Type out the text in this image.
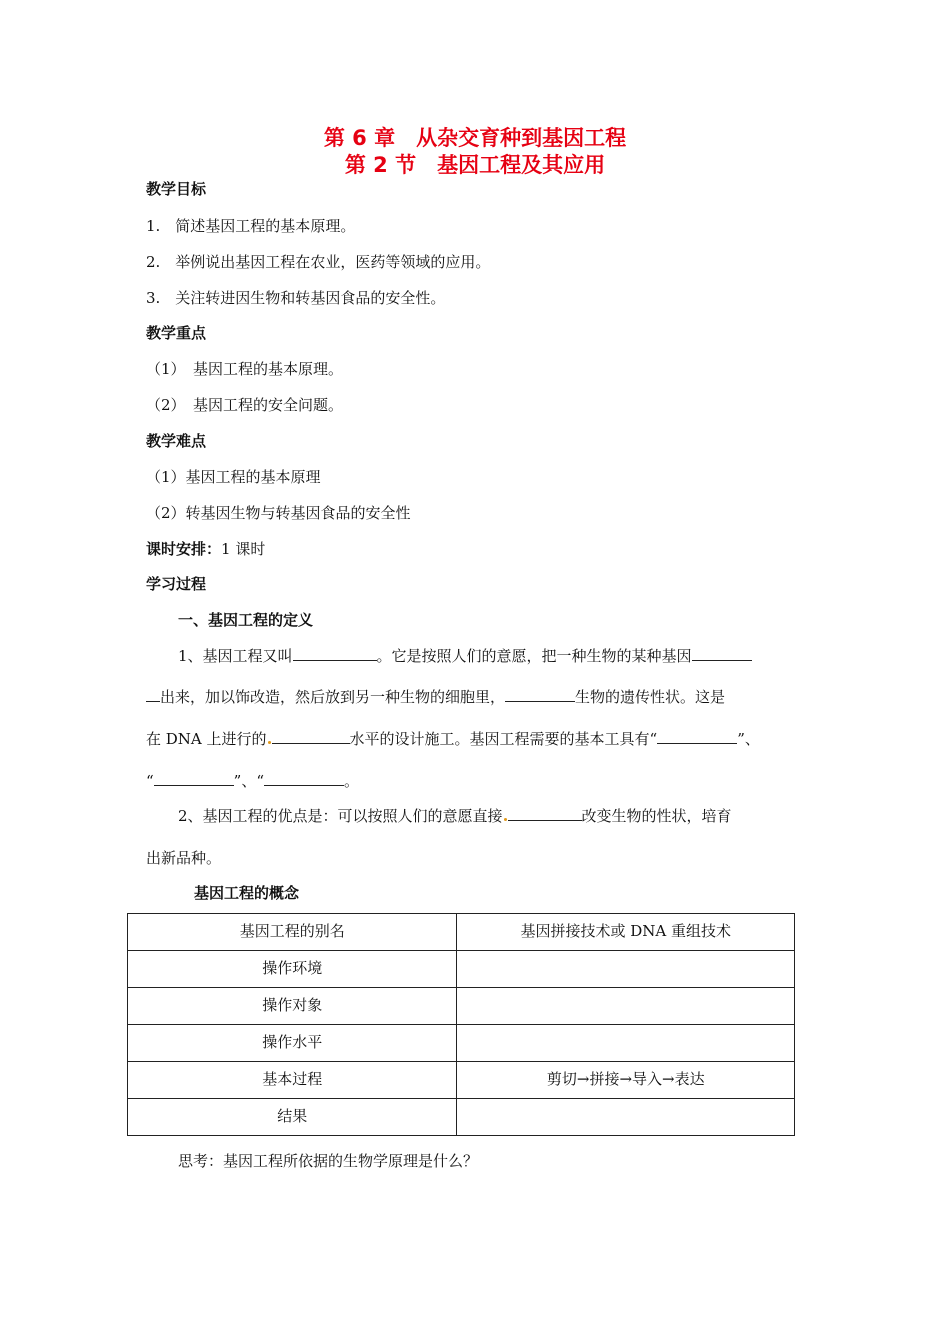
第 6 章　从杂交育种到基因工程
第 2 节　基因工程及其应用
教学目标
1.　简述基因工程的基本原理。
2.　举例说出基因工程在农业，医药等领域的应用。
3.　关注转进因生物和转基因食品的安全性。
教学重点
（1）　基因工程的基本原理。
（2）　基因工程的安全问题。
教学难点
（1）基因工程的基本原理
（2）转基因生物与转基因食品的安全性
课时安排：1 课时
学习过程
一、基因工程的定义
1、基因工程又叫	。它是按照人们的意愿，把一种生物的某种基因
出来，加以饰改造，然后放到另一种生物的细胞里，	生物的遗传性状。这是
在 DNA 上进行的	水平的设计施工。基因工程需要的基本工具有“	”、
“	”、“	。
2、基因工程的优点是：可以按照人们的意愿直接	改变生物的性状，培育
出新品种。
基因工程的概念
基因工程的别名	基因拼接技术或 DNA 重组技术
操作环境	
操作对象	
操作水平	
基本过程	剪切→拼接→导入→表达
结果	
思考：基因工程所依据的生物学原理是什么？
